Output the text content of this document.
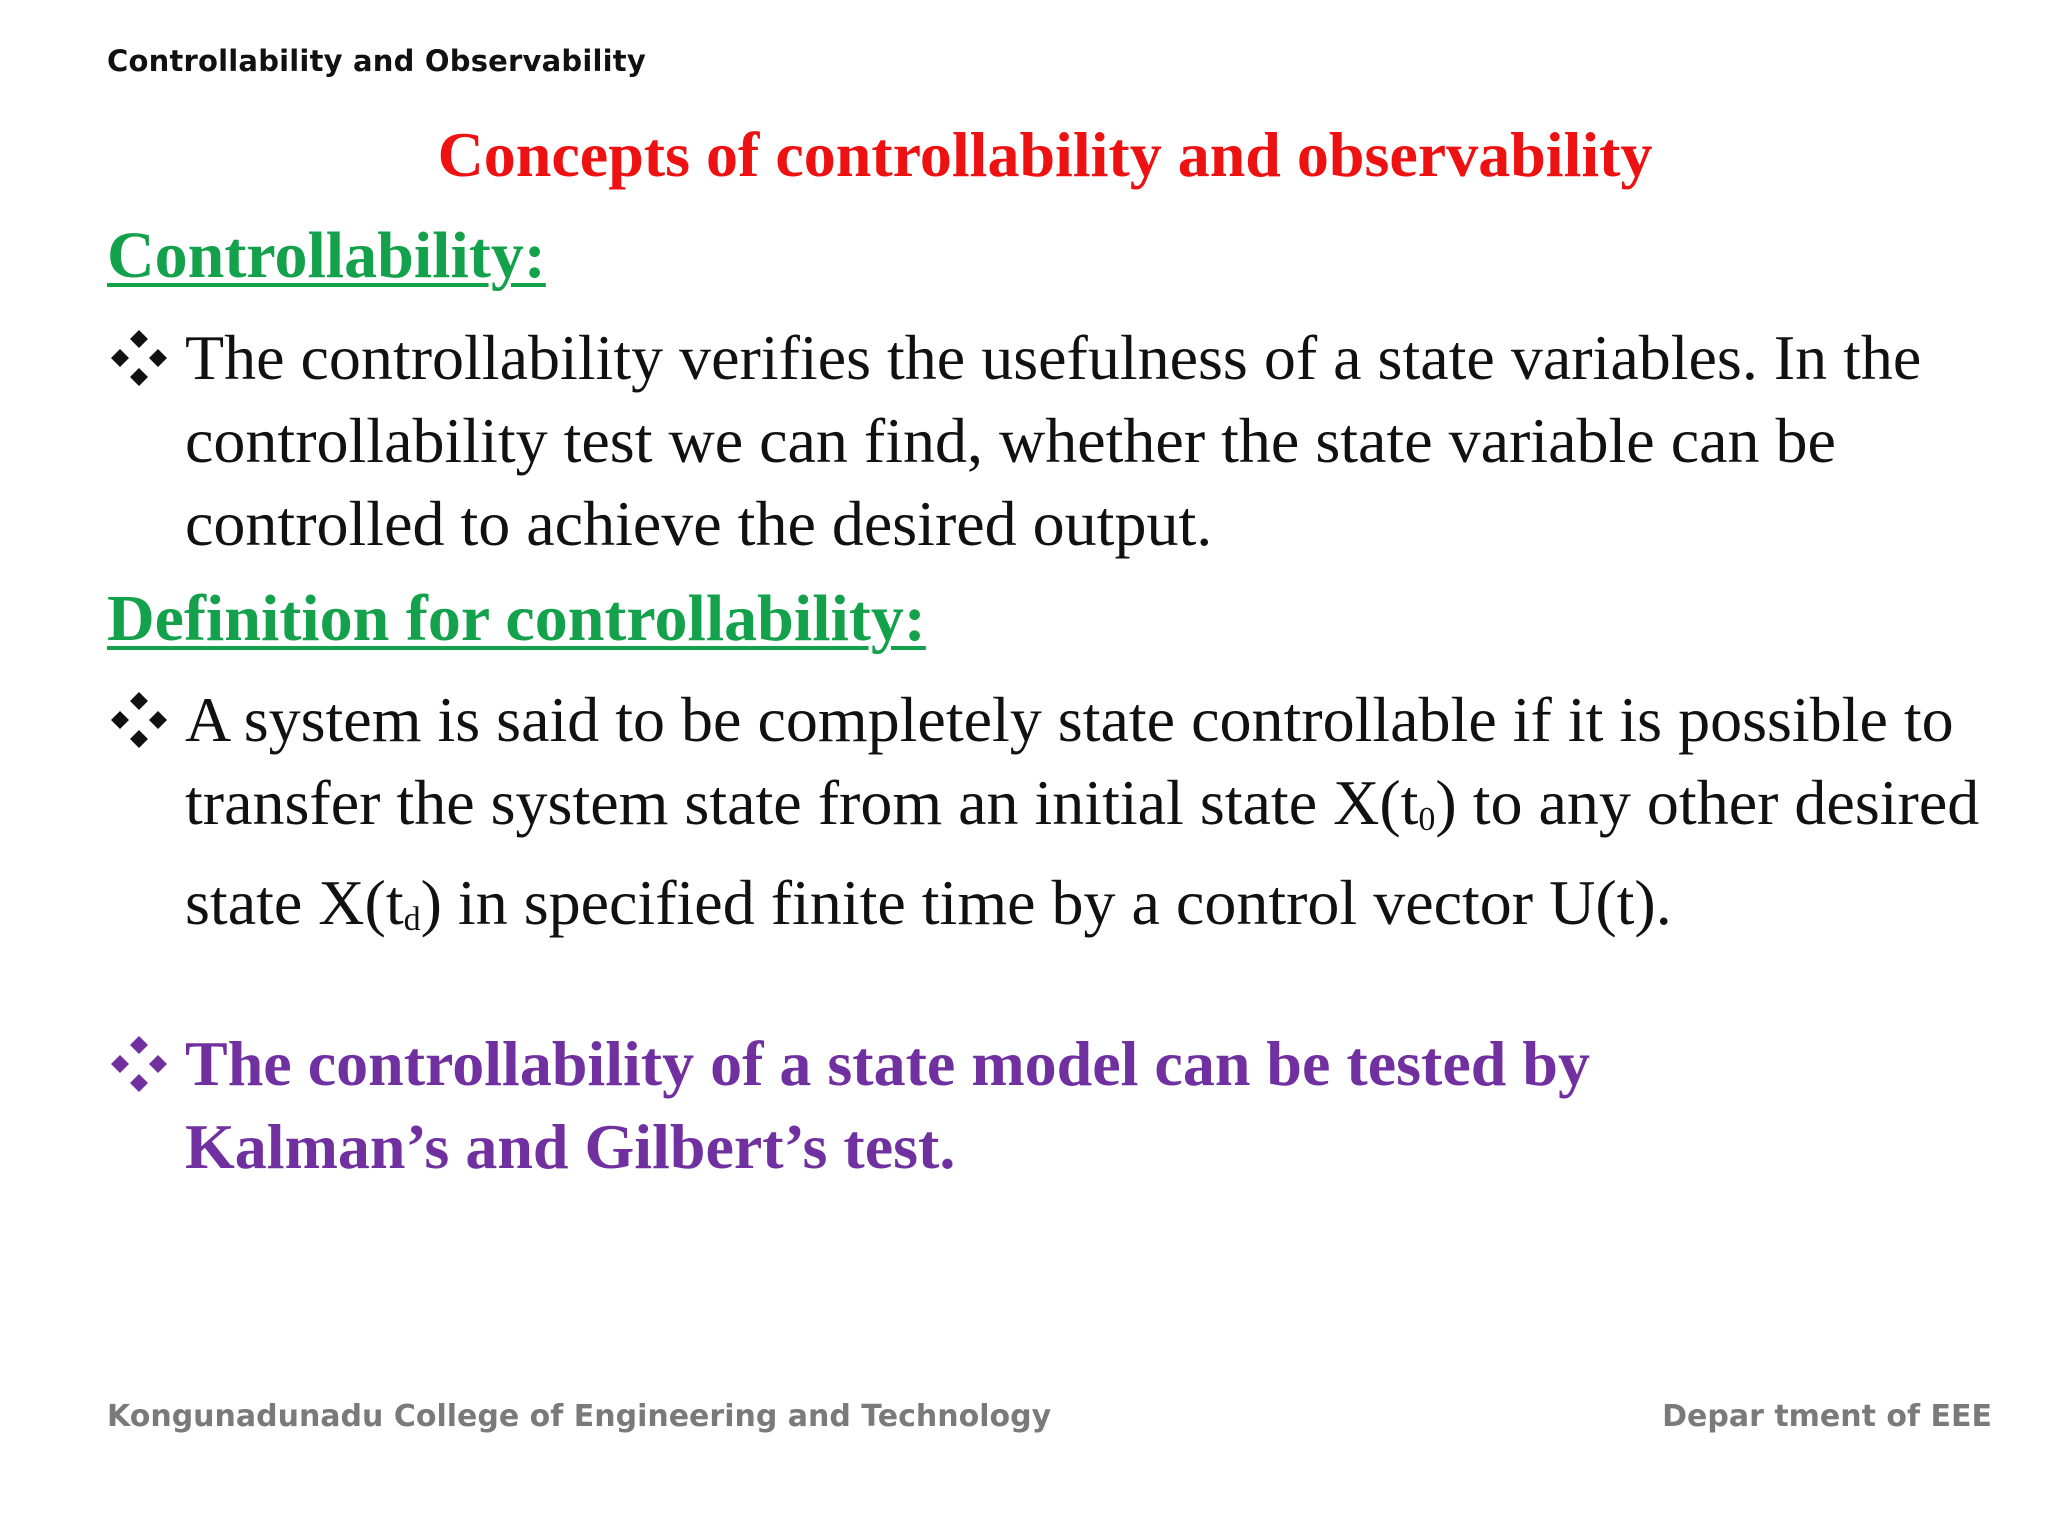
Controllability and Observability
Concepts of controllability and observability
Controllability:
The controllability verifies the usefulness of a state variables. In the controllability test we can find, whether the state variable can be controlled to achieve the desired output.
Definition for controllability:
A system is said to be completely state controllable if it is possible to transfer the system state from an initial state X(t0) to any other desired state X(td) in specified finite time by a control vector U(t).
The controllability of a state model can be tested by Kalman’s and Gilbert’s test.
Kongunadunadu College of Engineering and Technology	Depar tment of EEE
